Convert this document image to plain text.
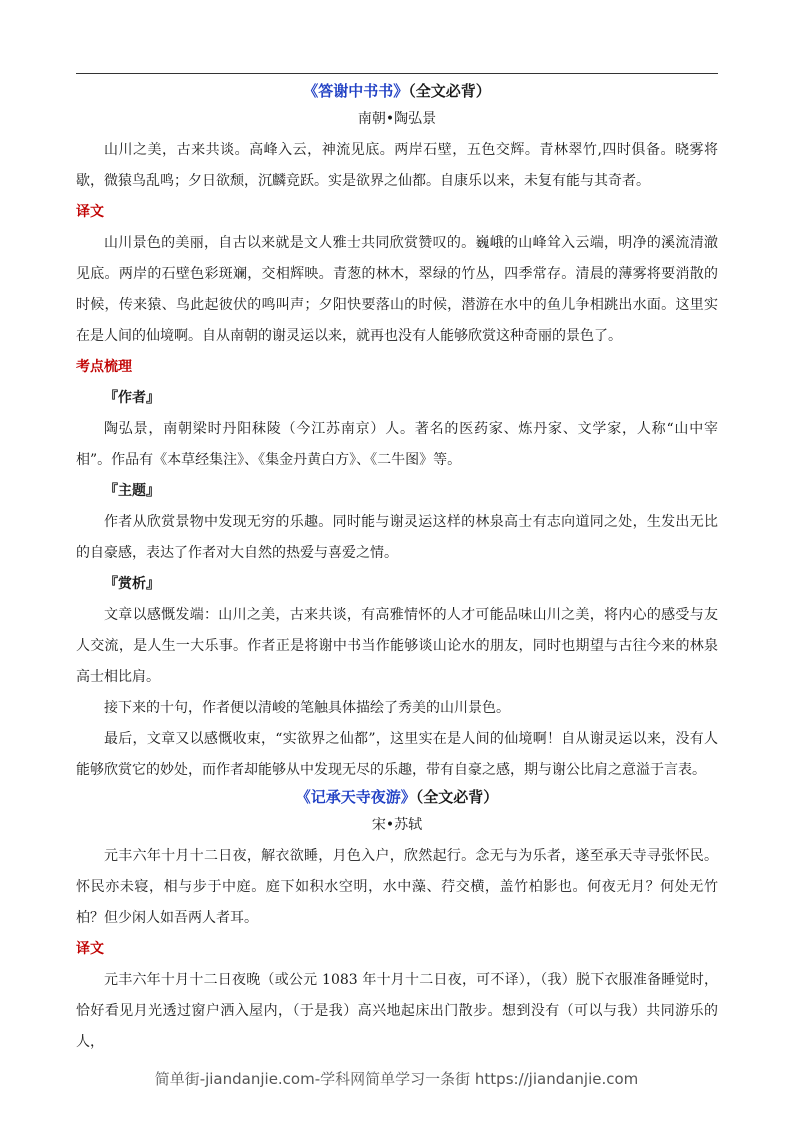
《答谢中书书》（全文必背）

南朝•陶弘景

山川之美，古来共谈。高峰入云，神流见底。两岸石壁，五色交辉。青林翠竹,四时俱备。晓雾将歇，微猿鸟乱鸣；夕日欲颓，沉麟竞跃。实是欲界之仙都。自康乐以来，未复有能与其奇者。

译文

山川景色的美丽，自古以来就是文人雅士共同欣赏赞叹的。巍峨的山峰耸入云端，明净的溪流清澈见底。两岸的石壁色彩斑斓，交相辉映。青葱的林木，翠绿的竹丛，四季常存。清晨的薄雾将要消散的时候，传来猿、鸟此起彼伏的鸣叫声；夕阳快要落山的时候，潜游在水中的鱼儿争相跳出水面。这里实在是人间的仙境啊。自从南朝的谢灵运以来，就再也没有人能够欣赏这种奇丽的景色了。

考点梳理

『作者』

陶弘景，南朝梁时丹阳秣陵（今江苏南京）人。著名的医药家、炼丹家、文学家，人称“山中宰相”。作品有《本草经集注》、《集金丹黄白方》、《二牛图》等。

『主题』

作者从欣赏景物中发现无穷的乐趣。同时能与谢灵运这样的林泉高士有志向道同之处，生发出无比的自豪感，表达了作者对大自然的热爱与喜爱之情。

『赏析』

文章以感慨发端：山川之美，古来共谈，有高雅情怀的人才可能品味山川之美，将内心的感受与友人交流，是人生一大乐事。作者正是将谢中书当作能够谈山论水的朋友，同时也期望与古往今来的林泉高士相比肩。

接下来的十句，作者便以清峻的笔触具体描绘了秀美的山川景色。

最后，文章又以感慨收束，“实欲界之仙都”，这里实在是人间的仙境啊！自从谢灵运以来，没有人能够欣赏它的妙处，而作者却能够从中发现无尽的乐趣，带有自豪之感，期与谢公比肩之意溢于言表。

《记承天寺夜游》（全文必背）

宋•苏轼

元丰六年十月十二日夜，解衣欲睡，月色入户，欣然起行。念无与为乐者，遂至承天寺寻张怀民。怀民亦未寝，相与步于中庭。庭下如积水空明，水中藻、荇交横，盖竹柏影也。何夜无月？何处无竹柏？但少闲人如吾两人者耳。

译文

元丰六年十月十二日夜晚（或公元 1083 年十月十二日夜，可不译），（我）脱下衣服准备睡觉时，恰好看见月光透过窗户洒入屋内，（于是我）高兴地起床出门散步。想到没有（可以与我）共同游乐的人，

简单街-jiandanjie.com-学科网简单学习一条街 https://jiandanjie.com
